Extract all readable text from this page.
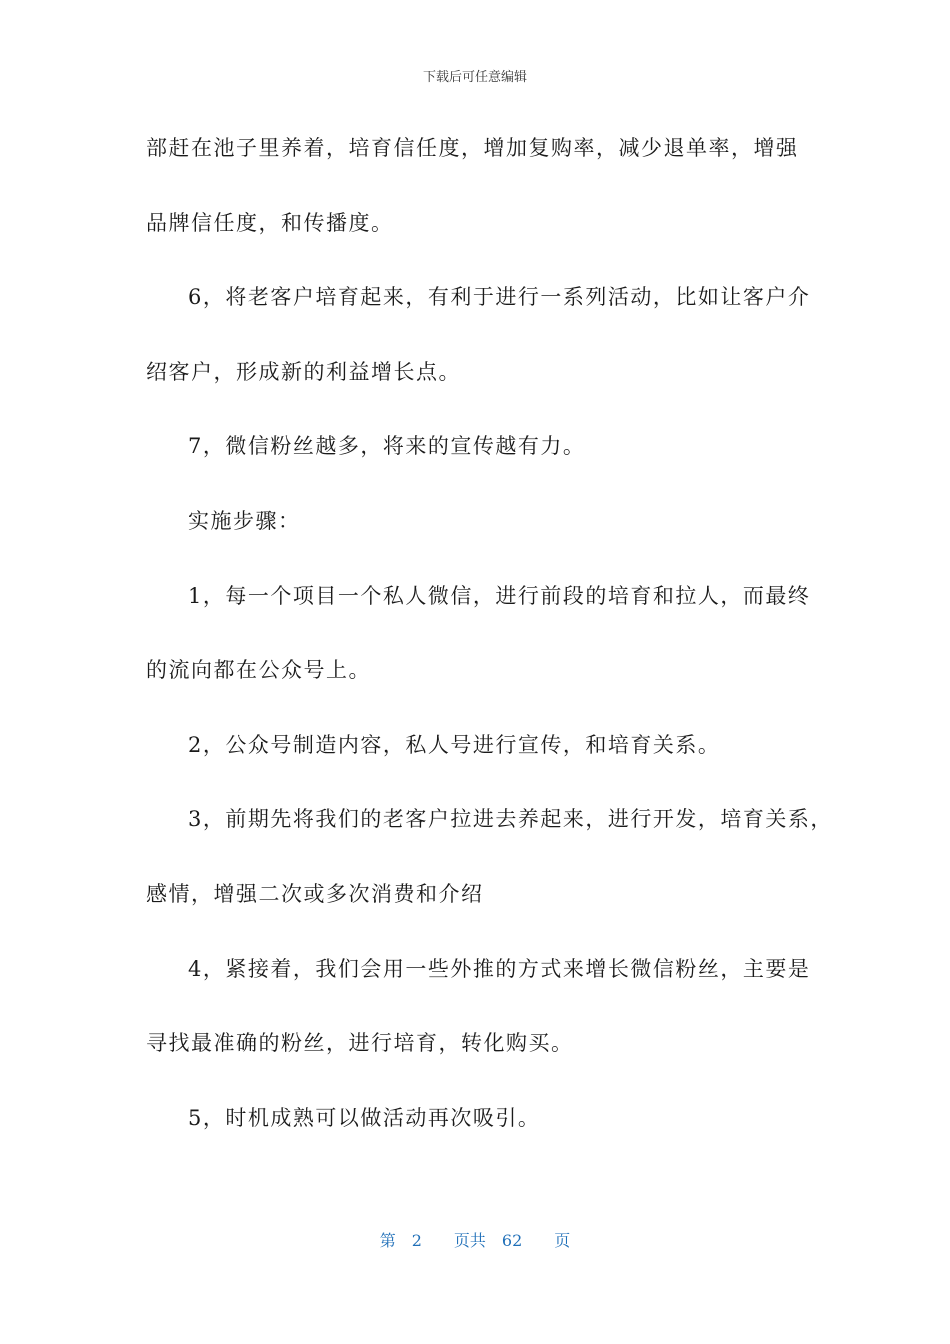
下载后可任意编辑
部赶在池子里养着，培育信任度，增加复购率，减少退单率，增强
品牌信任度，和传播度。
6，将老客户培育起来，有利于进行一系列活动，比如让客户介
绍客户，形成新的利益增长点。
7，微信粉丝越多，将来的宣传越有力。
实施步骤：
1，每一个项目一个私人微信，进行前段的培育和拉人，而最终
的流向都在公众号上。
2，公众号制造内容，私人号进行宣传，和培育关系。
3，前期先将我们的老客户拉进去养起来，进行开发，培育关系，
感情，增强二次或多次消费和介绍
4，紧接着，我们会用一些外推的方式来增长微信粉丝，主要是
寻找最准确的粉丝，进行培育，转化购买。
5，时机成熟可以做活动再次吸引。
第 2 页共 62 页
